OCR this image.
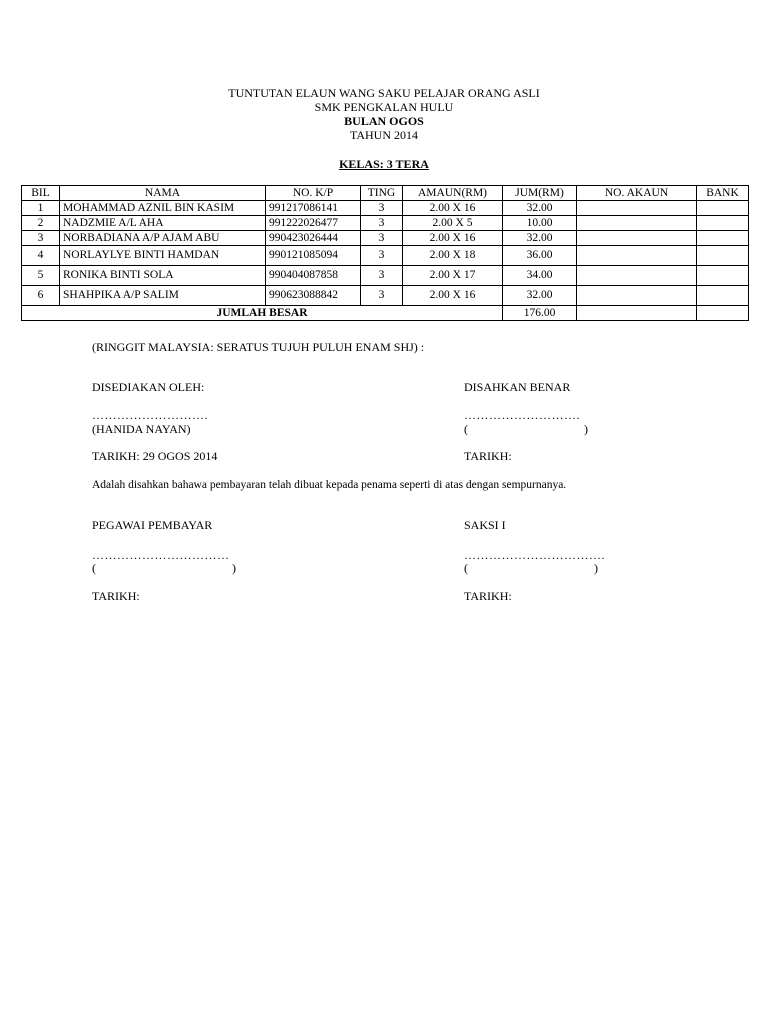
TUNTUTAN ELAUN WANG SAKU PELAJAR ORANG ASLI
SMK PENGKALAN HULU
BULAN OGOS
TAHUN 2014
KELAS: 3 TERA
BIL	NAMA	NO. K/P	TING	AMAUN(RM)	JUM(RM)	NO. AKAUN	BANK
1	MOHAMMAD AZNIL BIN KASIM	991217086141	3	2.00 X 16	32.00		
2	NADZMIE A/L AHA	991222026477	3	2.00 X 5	10.00		
3	NORBADIANA A/P AJAM ABU	990423026444	3	2.00 X 16	32.00		
4	NORLAYLYE BINTI HAMDAN	990121085094	3	2.00 X 18	36.00		
5	RONIKA BINTI SOLA	990404087858	3	2.00 X 17	34.00		
6	SHAHPIKA A/P SALIM	990623088842	3	2.00 X 16	32.00		
JUMLAH BESAR					176.00		
(RINGGIT MALAYSIA: SERATUS TUJUH PULUH ENAM SHJ) :
DISEDIAKAN OLEH:
……………………….
(HANIDA NAYAN)
TARIKH: 29 OGOS 2014
DISAHKAN BENAR
……………………….
(	)
TARIKH:
Adalah disahkan bahawa pembayaran telah dibuat kepada penama seperti di atas dengan sempurnanya.
PEGAWAI PEMBAYAR
……………………………
(	)
TARIKH:
SAKSI I
…………………………….
(	)
TARIKH:
